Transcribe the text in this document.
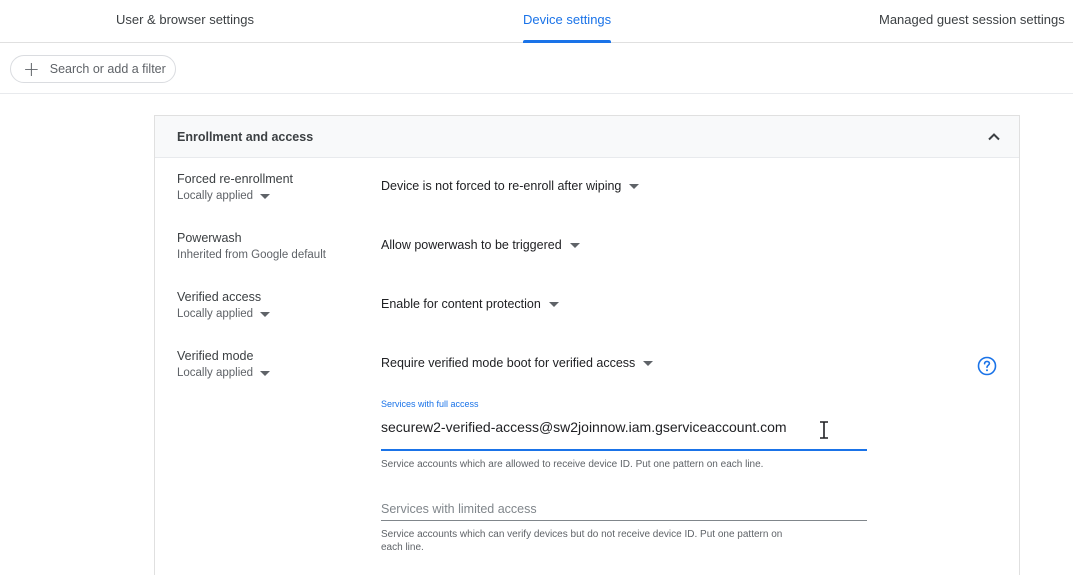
User & browser settings	Device settings	Managed guest session settings
+ Search or add a filter
Enrollment and access
Forced re-enrollment
Locally applied
Device is not forced to re-enroll after wiping
Powerwash
Inherited from Google default
Allow powerwash to be triggered
Verified access
Locally applied
Enable for content protection
Verified mode
Locally applied
Require verified mode boot for verified access
Services with full access
securew2-verified-access@sw2joinnow.iam.gserviceaccount.com
Service accounts which are allowed to receive device ID. Put one pattern on each line.
Services with limited access
Service accounts which can verify devices but do not receive device ID. Put one pattern on
each line.
